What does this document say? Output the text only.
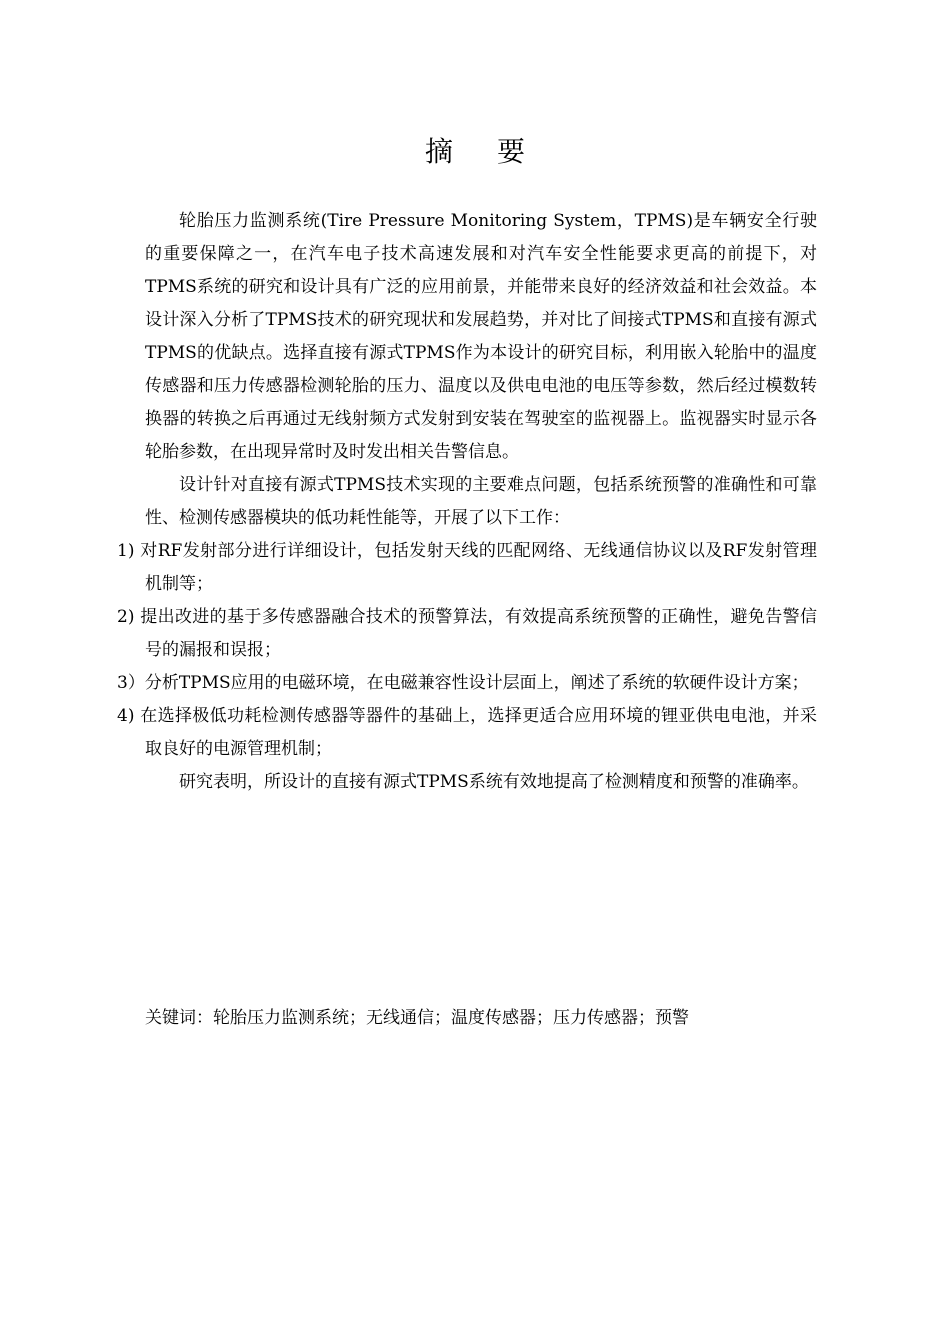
摘 要

轮胎压力监测系统(Tire Pressure Monitoring System，TPMS)是车辆安全行驶的重要保障之一，在汽车电子技术高速发展和对汽车安全性能要求更高的前提下，对TPMS系统的研究和设计具有广泛的应用前景，并能带来良好的经济效益和社会效益。本设计深入分析了TPMS技术的研究现状和发展趋势，并对比了间接式TPMS和直接有源式TPMS的优缺点。选择直接有源式TPMS作为本设计的研究目标，利用嵌入轮胎中的温度传感器和压力传感器检测轮胎的压力、温度以及供电电池的电压等参数，然后经过模数转换器的转换之后再通过无线射频方式发射到安装在驾驶室的监视器上。监视器实时显示各轮胎参数，在出现异常时及时发出相关告警信息。

设计针对直接有源式TPMS技术实现的主要难点问题，包括系统预警的准确性和可靠性、检测传感器模块的低功耗性能等，开展了以下工作：

1) 对RF发射部分进行详细设计，包括发射天线的匹配网络、无线通信协议以及RF发射管理机制等；

2) 提出改进的基于多传感器融合技术的预警算法，有效提高系统预警的正确性，避免告警信号的漏报和误报；

3）分析TPMS应用的电磁环境，在电磁兼容性设计层面上，阐述了系统的软硬件设计方案；

4) 在选择极低功耗检测传感器等器件的基础上，选择更适合应用环境的锂亚供电电池，并采取良好的电源管理机制；

研究表明，所设计的直接有源式TPMS系统有效地提高了检测精度和预警的准确率。

关键词：轮胎压力监测系统；无线通信；温度传感器；压力传感器；预警
